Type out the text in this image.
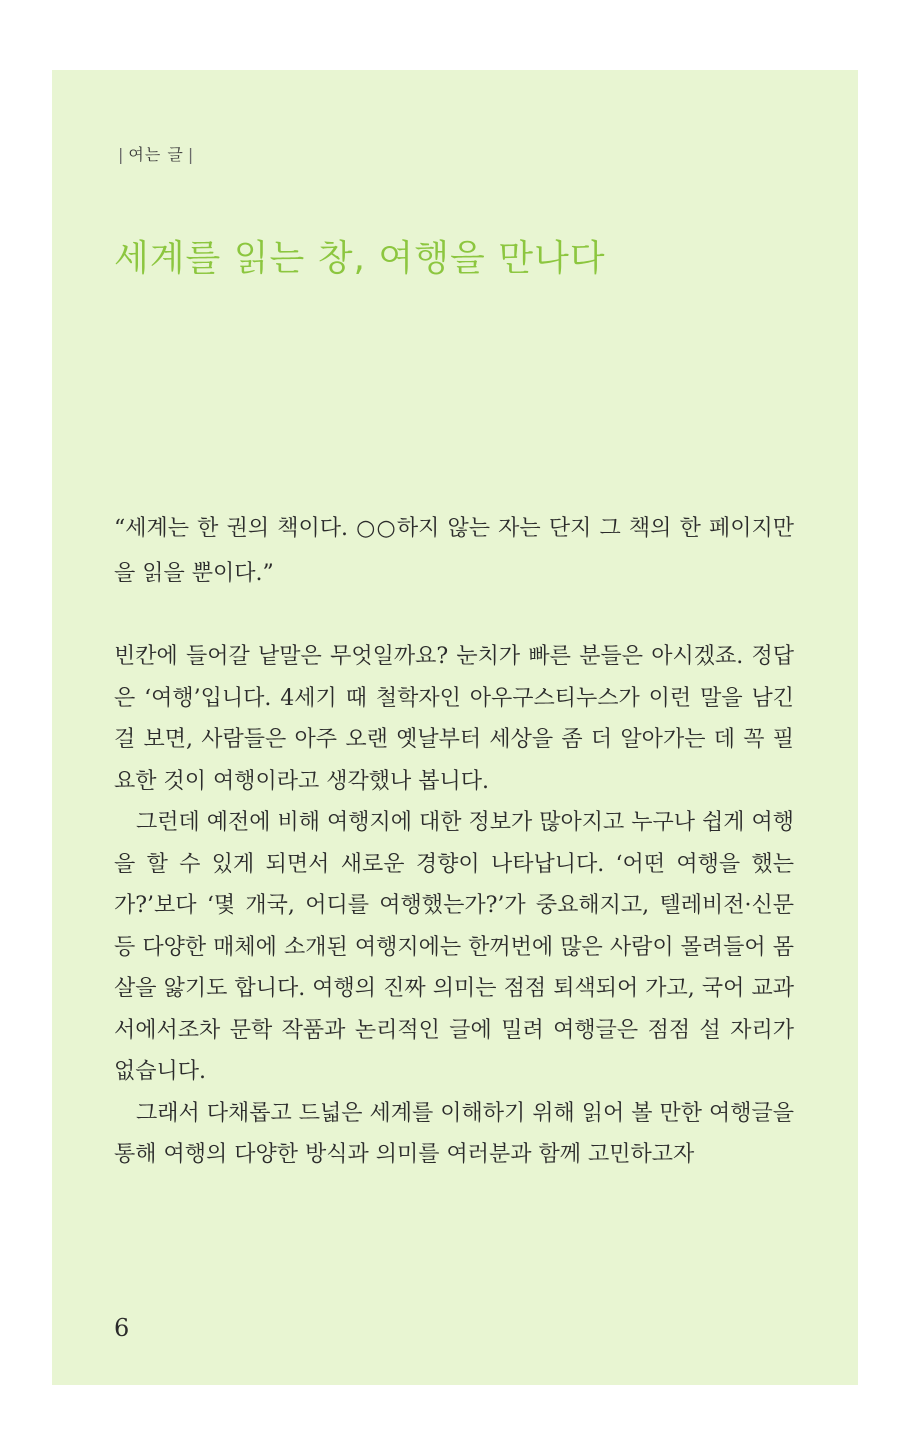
| 여는 글 |
세계를 읽는 창, 여행을 만나다

“세계는 한 권의 책이다. ○○하지 않는 자는 단지 그 책의 한 페이지만을 읽을 뿐이다.”

빈칸에 들어갈 낱말은 무엇일까요? 눈치가 빠른 분들은 아시겠죠. 정답은 ‘여행’입니다. 4세기 때 철학자인 아우구스티누스가 이런 말을 남긴 걸 보면, 사람들은 아주 오랜 옛날부터 세상을 좀 더 알아가는 데 꼭 필요한 것이 여행이라고 생각했나 봅니다.

그런데 예전에 비해 여행지에 대한 정보가 많아지고 누구나 쉽게 여행을 할 수 있게 되면서 새로운 경향이 나타납니다. ‘어떤 여행을 했는가?’보다 ‘몇 개국, 어디를 여행했는가?’가 중요해지고, 텔레비전·신문 등 다양한 매체에 소개된 여행지에는 한꺼번에 많은 사람이 몰려들어 몸살을 앓기도 합니다. 여행의 진짜 의미는 점점 퇴색되어 가고, 국어 교과서에서조차 문학 작품과 논리적인 글에 밀려 여행글은 점점 설 자리가 없습니다.

그래서 다채롭고 드넓은 세계를 이해하기 위해 읽어 볼 만한 여행글을 통해 여행의 다양한 방식과 의미를 여러분과 함께 고민하고자

6
